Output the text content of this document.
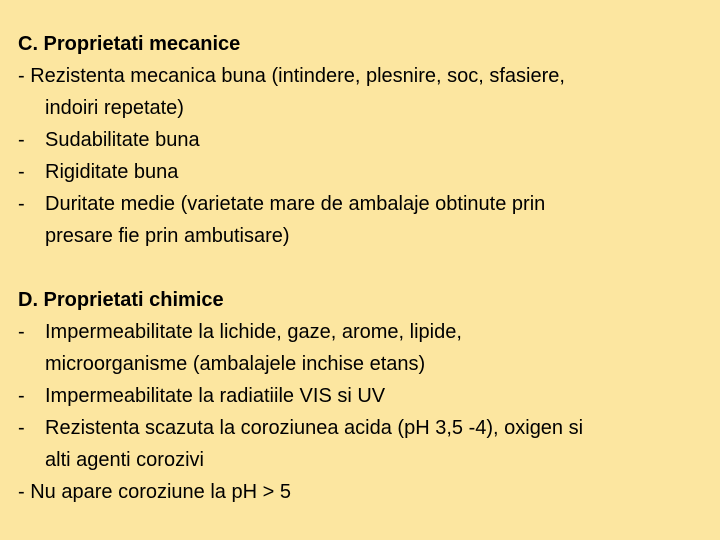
C. Proprietati mecanice
- Rezistenta mecanica buna (intindere, plesnire, soc, sfasiere,
indoiri repetate)
- Sudabilitate buna
- Rigiditate buna
- Duritate medie (varietate mare de ambalaje obtinute prin
presare fie prin ambutisare)
D. Proprietati chimice
- Impermeabilitate la lichide, gaze, arome, lipide,
microorganisme (ambalajele inchise etans)
- Impermeabilitate la radiatiile VIS si UV
- Rezistenta scazuta la coroziunea acida (pH 3,5 -4), oxigen si
alti agenti corozivi
- Nu apare coroziune la pH > 5
